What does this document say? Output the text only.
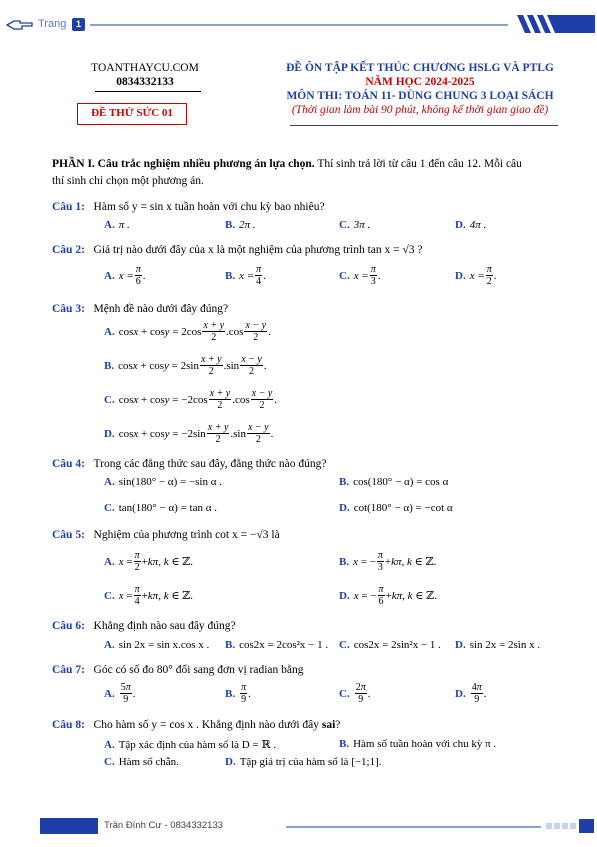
Trang	1
TOANTHAYCU.COM
0834332133
ĐỀ THỬ SỨC 01
ĐỀ ÔN TẬP KẾT THÚC CHƯƠNG HSLG VÀ PTLG
NĂM HỌC 2024-2025
MÔN THI: TOÁN 11- DÙNG CHUNG 3 LOẠI SÁCH
(Thời gian làm bài 90 phút, không kể thời gian giao đề)
PHẦN I. Câu trắc nghiệm nhiều phương án lựa chọn. Thí sinh trả lời từ câu 1 đến câu 12. Mỗi câu
thí sinh chỉ chọn một phương án.
Câu 1: Hàm số y = sin x tuần hoàn với chu kỳ bao nhiêu?
A. π .	B. 2π .	C. 3π .	D. 4π .
Câu 2: Giá trị nào dưới đây của x là một nghiệm của phương trình tan x = √3 ?
A. $x = \frac{\pi}{6}$ .	B. $x = \frac{\pi}{4}$ .	C. $x = \frac{\pi}{3}$ .	D. $x = \frac{\pi}{2}$ .
Câu 3: Mệnh đề nào dưới đây đúng?
A. $\cos x + \cos y = 2\cos \frac{x + y}{2} .\cos \frac{x - y}{2}$ .
B. $\cos x + \cos y = 2\sin \frac{x + y}{2} .\sin \frac{x - y}{2}$ .
C. $\cos x + \cos y = -2\cos \frac{x + y}{2} .\cos \frac{x - y}{2}$ .
D. $\cos x + \cos y = -2\sin \frac{x + y}{2} .\sin \frac{x - y}{2}$ .
Câu 4: Trong các đẳng thức sau đây, đẳng thức nào đúng?
A. sin(180° − α) = −sin α .	B. cos(180° − α) = cos α
C. tan(180° − α) = tan α .	D. cot(180° − α) = −cot α
Câu 5: Nghiệm của phương trình cot x = −√3 là
A. $x = \frac{\pi}{2} + k\pi$, k ∈ ℤ.	B. x = − $\frac{\pi}{3} + k\pi$, k ∈ ℤ.
C. $x = \frac{\pi}{4} + k\pi$, k ∈ ℤ.	D. x = − $\frac{\pi}{6} + k\pi$, k ∈ ℤ.
Câu 6: Khẳng định nào sau đây đúng?
A. sin 2x = sin x.cos x . B. cos2x = 2cos²x − 1 . C. cos2x = 2sin²x − 1 . D. sin 2x = 2sin x .
Câu 7: Góc có số đo 80° đổi sang đơn vị radian bằng
A. $\frac{5\pi}{9}$ .	B. $\frac{\pi}{9}$ .	C. $\frac{2\pi}{9}$ .	D. $\frac{4\pi}{9}$ .
Câu 8: Cho hàm số y = cos x . Khẳng định nào dưới đây sai?
A. Tập xác định của hàm số là D = ℝ .	B. Hàm số tuần hoàn với chu kỳ π .
C. Hàm số chẵn.	D. Tập giá trị của hàm số là [−1;1].
Trần Đình Cư - 0834332133
